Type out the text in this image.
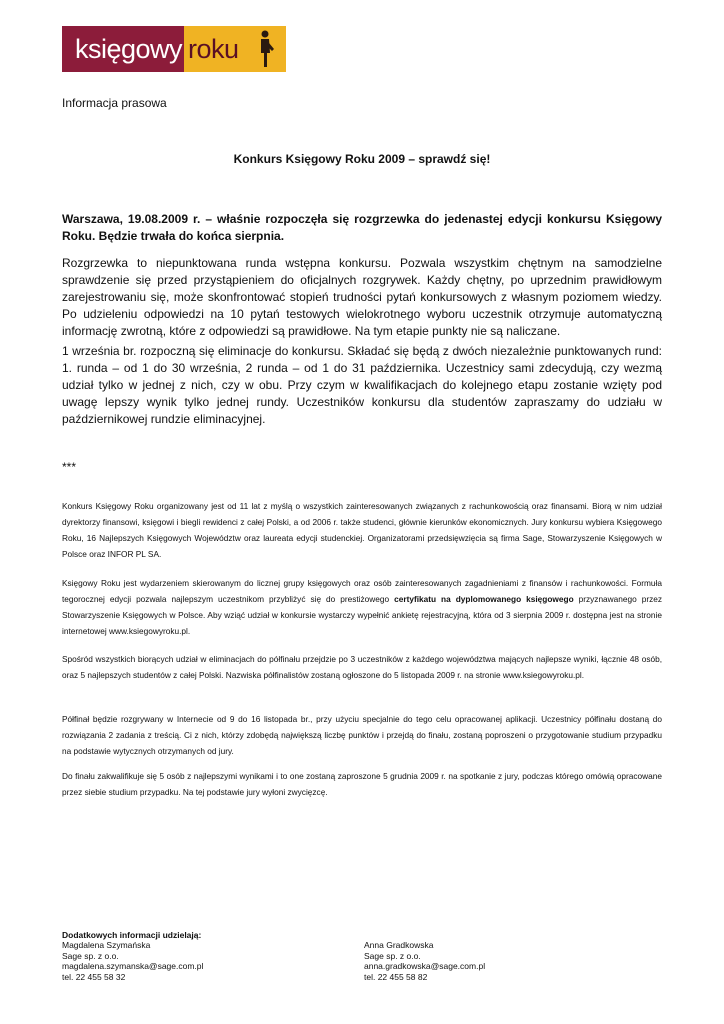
księgowy roku
Informacja prasowa
Konkurs Księgowy Roku 2009 – sprawdź się!
Warszawa, 19.08.2009 r. – właśnie rozpoczęła się rozgrzewka do jedenastej edycji konkursu Księgowy Roku. Będzie trwała do końca sierpnia.
Rozgrzewka to niepunktowana runda wstępna konkursu. Pozwala wszystkim chętnym na samodzielne sprawdzenie się przed przystąpieniem do oficjalnych rozgrywek. Każdy chętny, po uprzednim prawidłowym zarejestrowaniu się, może skonfrontować stopień trudności pytań konkursowych z własnym poziomem wiedzy. Po udzieleniu odpowiedzi na 10 pytań testowych wielokrotnego wyboru uczestnik otrzymuje automatyczną informację zwrotną, które z odpowiedzi są prawidłowe. Na tym etapie punkty nie są naliczane.
1 września br. rozpoczną się eliminacje do konkursu. Składać się będą z dwóch niezależnie punktowanych rund: 1. runda – od 1 do 30 września, 2 runda – od 1 do 31 października. Uczestnicy sami zdecydują, czy wezmą udział tylko w jednej z nich, czy w obu. Przy czym w kwalifikacjach do kolejnego etapu zostanie wzięty pod uwagę lepszy wynik tylko jednej rundy. Uczestników konkursu dla studentów zapraszamy do udziału w październikowej rundzie eliminacyjnej.
***
Konkurs Księgowy Roku organizowany jest od 11 lat z myślą o wszystkich zainteresowanych związanych z rachunkowością oraz finansami. Biorą w nim udział dyrektorzy finansowi, księgowi i biegli rewidenci z całej Polski, a od 2006 r. także studenci, głównie kierunków ekonomicznych. Jury konkursu wybiera Księgowego Roku, 16 Najlepszych Księgowych Województw oraz laureata edycji studenckiej. Organizatorami przedsięwzięcia są firma Sage, Stowarzyszenie Księgowych w Polsce oraz INFOR PL SA.
Księgowy Roku jest wydarzeniem skierowanym do licznej grupy księgowych oraz osób zainteresowanych zagadnieniami z finansów i rachunkowości. Formuła tegorocznej edycji pozwala najlepszym uczestnikom przybliżyć się do prestiżowego certyfikatu na dyplomowanego księgowego przyznawanego przez Stowarzyszenie Księgowych w Polsce. Aby wziąć udział w konkursie wystarczy wypełnić ankietę rejestracyjną, która od 3 sierpnia 2009 r. dostępna jest na stronie internetowej www.ksiegowyroku.pl.
Spośród wszystkich biorących udział w eliminacjach do półfinału przejdzie po 3 uczestników z każdego województwa mających najlepsze wyniki, łącznie 48 osób, oraz 5 najlepszych studentów z całej Polski. Nazwiska półfinalistów zostaną ogłoszone do 5 listopada 2009 r. na stronie www.ksiegowyroku.pl.
Półfinał będzie rozgrywany w Internecie od 9 do 16 listopada br., przy użyciu specjalnie do tego celu opracowanej aplikacji. Uczestnicy półfinału dostaną do rozwiązania 2 zadania z treścią. Ci z nich, którzy zdobędą największą liczbę punktów i przejdą do finału, zostaną poproszeni o przygotowanie studium przypadku na podstawie wytycznych otrzymanych od jury.
Do finału zakwalifikuje się 5 osób z najlepszymi wynikami i to one zostaną zaproszone 5 grudnia 2009 r. na spotkanie z jury, podczas którego omówią opracowane przez siebie studium przypadku. Na tej podstawie jury wyłoni zwycięzcę.
Dodatkowych informacji udzielają:
Magdalena Szymańska
Sage sp. z o.o.
magdalena.szymanska@sage.com.pl
tel. 22 455 58 32
Anna Gradkowska
Sage sp. z o.o.
anna.gradkowska@sage.com.pl
tel. 22 455 58 82
